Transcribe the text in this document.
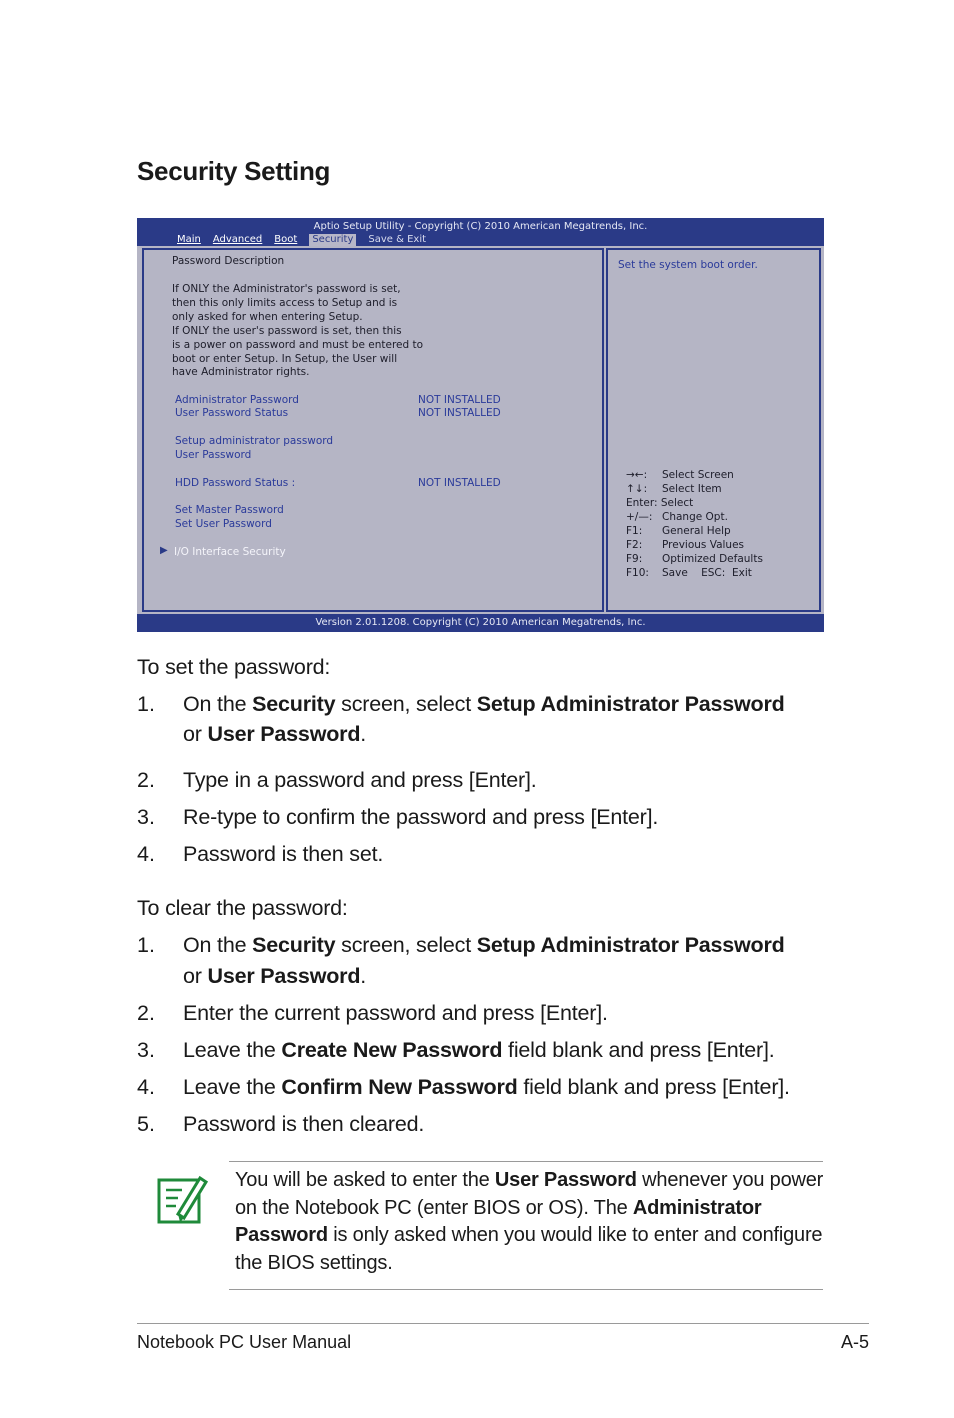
Security Setting
Aptio Setup Utility - Copyright (C) 2010 American Megatrends, Inc.
Main Advanced Boot Security Save & Exit
Password Description
If ONLY the Administrator's password is set,
then this only limits access to Setup and is
only asked for when entering Setup.
If ONLY the user's password is set, then this
is a power on password and must be entered to
boot or enter Setup. In Setup, the User will
have Administrator rights.
Administrator Password	NOT INSTALLED
User Password Status	NOT INSTALLED
Setup administrator password
User Password
HDD Password Status :	NOT INSTALLED
Set Master Password
Set User Password
▶ I/O Interface Security
Set the system boot order.
→←: Select Screen
↑↓: Select Item
Enter: Select
+/—: Change Opt.
F1: General Help
F2: Previous Values
F9: Optimized Defaults
F10: Save    ESC:  Exit
Version 2.01.1208. Copyright (C) 2010 American Megatrends, Inc.
To set the password:
1. On the Security screen, select Setup Administrator Password
or User Password.
2. Type in a password and press [Enter].
3. Re-type to confirm the password and press [Enter].
4. Password is then set.
To clear the password:
1. On the Security screen, select Setup Administrator Password
or User Password.
2. Enter the current password and press [Enter].
3. Leave the Create New Password field blank and press [Enter].
4. Leave the Confirm New Password field blank and press [Enter].
5. Password is then cleared.
You will be asked to enter the User Password whenever you power on the Notebook PC (enter BIOS or OS). The Administrator Password is only asked when you would like to enter and configure the BIOS settings.
Notebook PC User Manual	A-5
